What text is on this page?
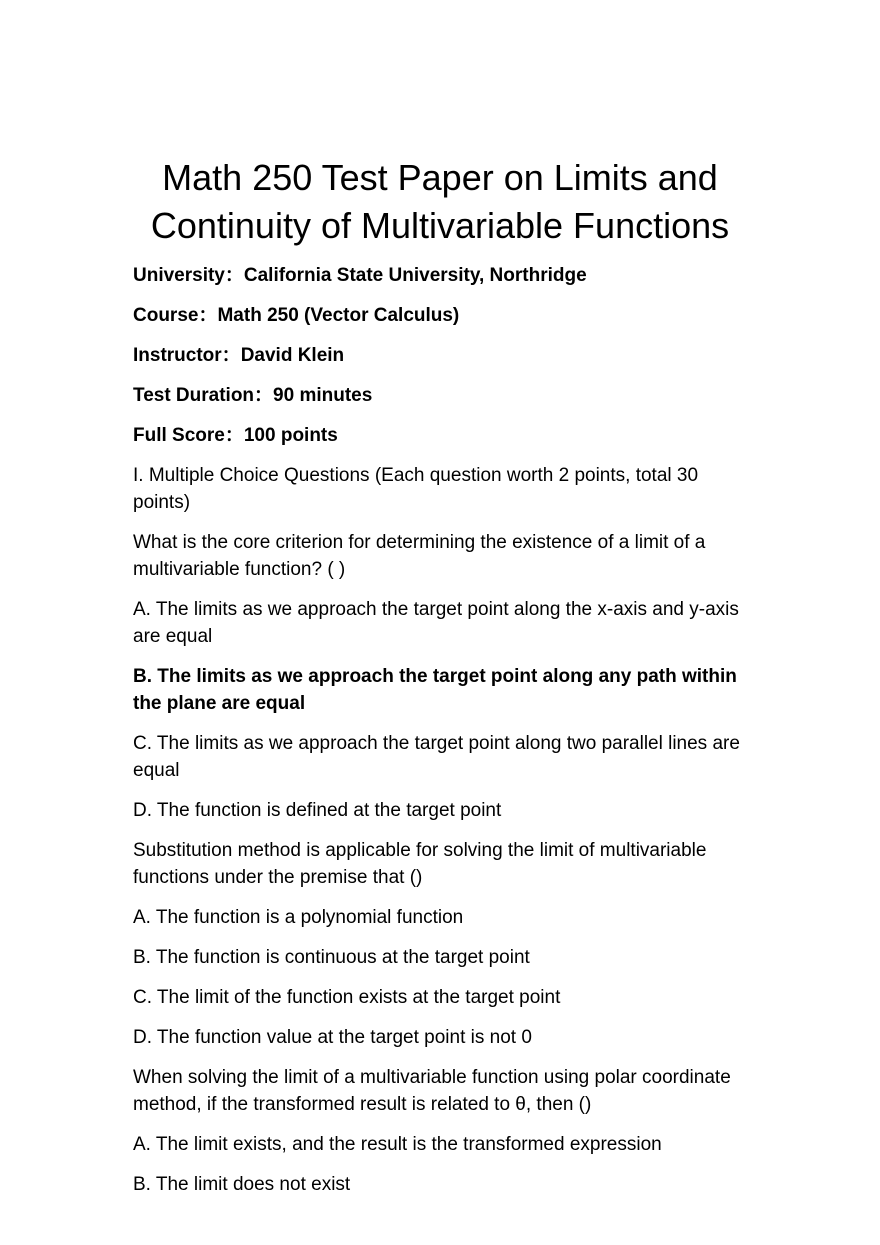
Math 250 Test Paper on Limits and
Continuity of Multivariable Functions

University：California State University, Northridge

Course：Math 250 (Vector Calculus)

Instructor：David Klein

Test Duration：90 minutes

Full Score：100 points

I. Multiple Choice Questions (Each question worth 2 points, total 30 points)

What is the core criterion for determining the existence of a limit of a multivariable function? ( )

A. The limits as we approach the target point along the x-axis and y-axis are equal

B. The limits as we approach the target point along any path within the plane are equal

C. The limits as we approach the target point along two parallel lines are equal

D. The function is defined at the target point

Substitution method is applicable for solving the limit of multivariable functions under the premise that ()

A. The function is a polynomial function

B. The function is continuous at the target point

C. The limit of the function exists at the target point

D. The function value at the target point is not 0

When solving the limit of a multivariable function using polar coordinate method, if the transformed result is related to θ, then ()

A. The limit exists, and the result is the transformed expression

B. The limit does not exist
